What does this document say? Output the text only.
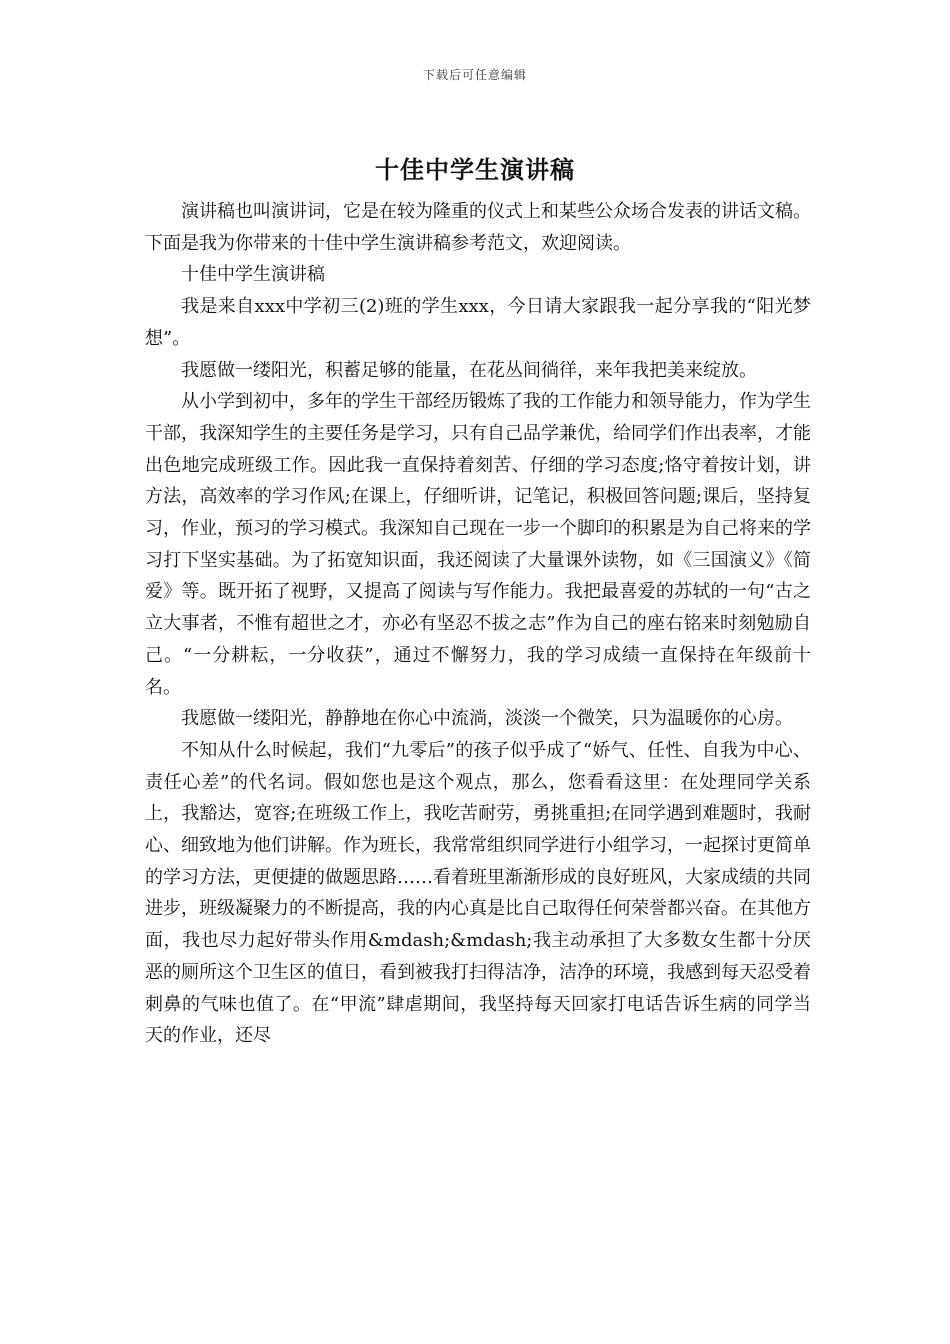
下载后可任意编辑
十佳中学生演讲稿

演讲稿也叫演讲词，它是在较为隆重的仪式上和某些公众场合发表的讲话文稿。下面是我为你带来的十佳中学生演讲稿参考范文，欢迎阅读。

十佳中学生演讲稿

我是来自xxx中学初三(2)班的学生xxx，今日请大家跟我一起分享我的“阳光梦想”。

我愿做一缕阳光，积蓄足够的能量，在花丛间徜徉，来年我把美来绽放。

从小学到初中，多年的学生干部经历锻炼了我的工作能力和领导能力，作为学生干部，我深知学生的主要任务是学习，只有自己品学兼优，给同学们作出表率，才能出色地完成班级工作。因此我一直保持着刻苦、仔细的学习态度;恪守着按计划，讲方法，高效率的学习作风;在课上，仔细听讲，记笔记，积极回答问题;课后，坚持复习，作业，预习的学习模式。我深知自己现在一步一个脚印的积累是为自己将来的学习打下坚实基础。为了拓宽知识面，我还阅读了大量课外读物，如《三国演义》《简爱》等。既开拓了视野，又提高了阅读与写作能力。我把最喜爱的苏轼的一句“古之立大事者，不惟有超世之才，亦必有坚忍不拔之志”作为自己的座右铭来时刻勉励自己。“一分耕耘，一分收获”，通过不懈努力，我的学习成绩一直保持在年级前十名。

我愿做一缕阳光，静静地在你心中流淌，淡淡一个微笑，只为温暖你的心房。

不知从什么时候起，我们“九零后”的孩子似乎成了“娇气、任性、自我为中心、责任心差”的代名词。假如您也是这个观点，那么，您看看这里：在处理同学关系上，我豁达，宽容;在班级工作上，我吃苦耐劳，勇挑重担;在同学遇到难题时，我耐心、细致地为他们讲解。作为班长，我常常组织同学进行小组学习，一起探讨更简单的学习方法，更便捷的做题思路……看着班里渐渐形成的良好班风，大家成绩的共同进步，班级凝聚力的不断提高，我的内心真是比自己取得任何荣誉都兴奋。在其他方面，我也尽力起好带头作用&mdash;&mdash;我主动承担了大多数女生都十分厌恶的厕所这个卫生区的值日，看到被我打扫得洁净，洁净的环境，我感到每天忍受着刺鼻的气味也值了。在“甲流”肆虐期间，我坚持每天回家打电话告诉生病的同学当天的作业，还尽
